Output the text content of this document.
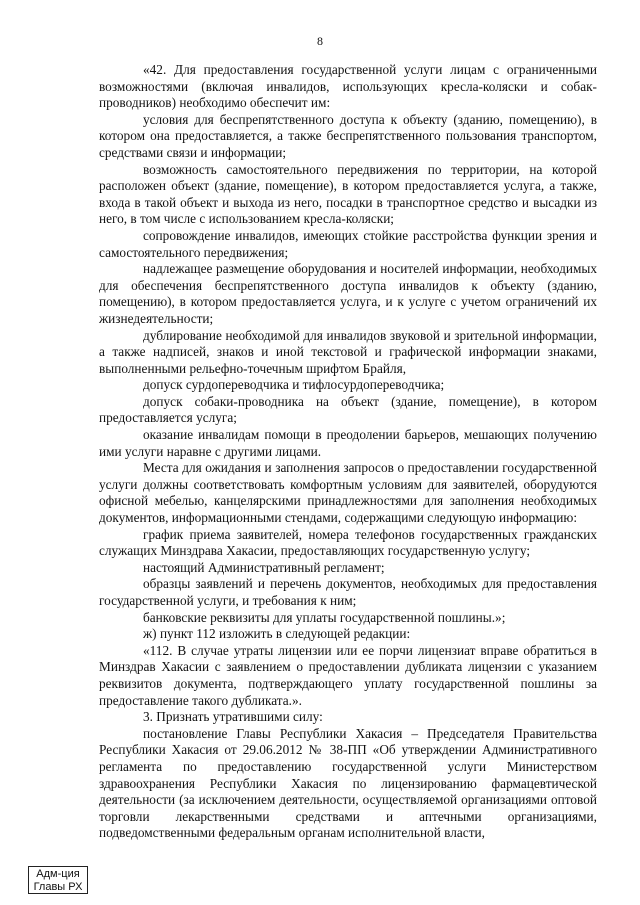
8

«42. Для предоставления государственной услуги лицам с ограниченными возможностями (включая инвалидов, использующих кресла-коляски и собак-проводников) необходимо обеспечит им:

условия для беспрепятственного доступа к объекту (зданию, помещению), в котором она предоставляется, а также беспрепятственного пользования транспортом, средствами связи и информации;

возможность самостоятельного передвижения по территории, на которой расположен объект (здание, помещение), в котором предоставляется услуга, а также, входа в такой объект и выхода из него, посадки в транспортное средство и высадки из него, в том числе с использованием кресла-коляски;

сопровождение инвалидов, имеющих стойкие расстройства функции зрения и самостоятельного передвижения;

надлежащее размещение оборудования и носителей информации, необходимых для обеспечения беспрепятственного доступа инвалидов к объекту (зданию, помещению), в котором предоставляется услуга, и к услуге с учетом ограничений их жизнедеятельности;

дублирование необходимой для инвалидов звуковой и зрительной информации, а также надписей, знаков и иной текстовой и графической информации знаками, выполненными рельефно-точечным шрифтом Брайля,

допуск сурдопереводчика и тифлосурдопереводчика;

допуск собаки-проводника на объект (здание, помещение), в котором предоставляется услуга;

оказание инвалидам помощи в преодолении барьеров, мешающих получению ими услуги наравне с другими лицами.

Места для ожидания и заполнения запросов о предоставлении государственной услуги должны соответствовать комфортным условиям для заявителей, оборудуются офисной мебелью, канцелярскими принадлежностями для заполнения необходимых документов, информационными стендами, содержащими следующую информацию:

график приема заявителей, номера телефонов государственных гражданских служащих Минздрава Хакасии, предоставляющих государственную услугу;

настоящий Административный регламент;

образцы заявлений и перечень документов, необходимых для предоставления государственной услуги, и требования к ним;

банковские реквизиты для уплаты государственной пошлины.»;

ж) пункт 112 изложить в следующей редакции:

«112. В случае утраты лицензии или ее порчи лицензиат вправе обратиться в Минздрав Хакасии с заявлением о предоставлении дубликата лицензии с указанием реквизитов документа, подтверждающего уплату государственной пошлины за предоставление такого дубликата.».

3. Признать утратившими силу:

постановление Главы Республики Хакасия – Председателя Правительства Республики Хакасия от 29.06.2012 № 38-ПП «Об утверждении Административного регламента по предоставлению государственной услуги Министерством здравоохранения Республики Хакасия по лицензированию фармацевтической деятельности (за исключением деятельности, осуществляемой организациями оптовой торговли лекарственными средствами и аптечными организациями, подведомственными федеральным органам исполнительной власти,

Адм-ция
Главы РХ
